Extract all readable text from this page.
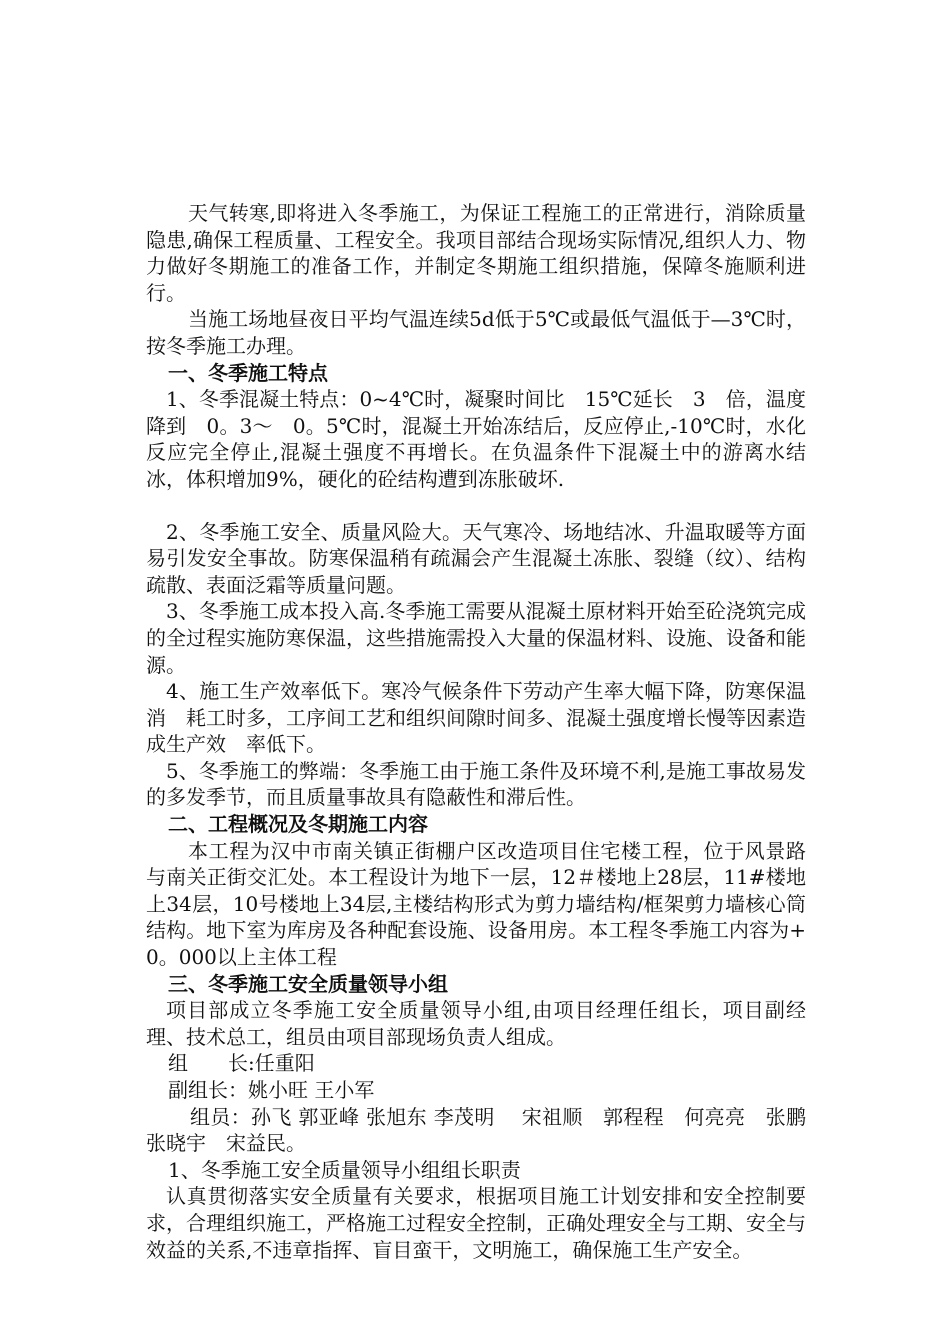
天气转寒,即将进入冬季施工，为保证工程施工的正常进行，消除质量隐患,确保工程质量、工程安全。我项目部结合现场实际情况,组织人力、物力做好冬期施工的准备工作，并制定冬期施工组织措施，保障冬施顺利进行。

当施工场地昼夜日平均气温连续5d低于5℃或最低气温低于—3℃时，按冬季施工办理。

一、冬季施工特点

1、冬季混凝土特点：0~4℃时，凝聚时间比　15℃延长　3　倍，温度降到　0。3～　0。5℃时，混凝土开始冻结后，反应停止,-10℃时，水化反应完全停止,混凝土强度不再增长。在负温条件下混凝土中的游离水结冰，体积增加9%，硬化的砼结构遭到冻胀破坏.

2、冬季施工安全、质量风险大。天气寒冷、场地结冰、升温取暖等方面易引发安全事故。防寒保温稍有疏漏会产生混凝土冻胀、裂缝（纹）、结构疏散、表面泛霜等质量问题。

3、冬季施工成本投入高.冬季施工需要从混凝土原材料开始至砼浇筑完成的全过程实施防寒保温，这些措施需投入大量的保温材料、设施、设备和能源。

4、施工生产效率低下。寒冷气候条件下劳动产生率大幅下降，防寒保温消　耗工时多，工序间工艺和组织间隙时间多、混凝土强度增长慢等因素造成生产效　率低下。

5、冬季施工的弊端：冬季施工由于施工条件及环境不利,是施工事故易发的多发季节，而且质量事故具有隐蔽性和滞后性。

二、工程概况及冬期施工内容

本工程为汉中市南关镇正街棚户区改造项目住宅楼工程，位于风景路与南关正街交汇处。本工程设计为地下一层，12＃楼地上28层，11#楼地上34层，10号楼地上34层,主楼结构形式为剪力墙结构/框架剪力墙核心筒结构。地下室为库房及各种配套设施、设备用房。本工程冬季施工内容为+0。000以上主体工程

三、冬季施工安全质量领导小组

项目部成立冬季施工安全质量领导小组,由项目经理任组长，项目副经理、技术总工，组员由项目部现场负责人组成。

组　　长:任重阳

副组长：姚小旺 王小军

组员：孙飞 郭亚峰 张旭东 李茂明　 宋祖顺　郭程程　何亮亮　张鹏　张晓宇　宋益民。

1、冬季施工安全质量领导小组组长职责

认真贯彻落实安全质量有关要求，根据项目施工计划安排和安全控制要求，合理组织施工，严格施工过程安全控制，正确处理安全与工期、安全与效益的关系,不违章指挥、盲目蛮干，文明施工，确保施工生产安全。
